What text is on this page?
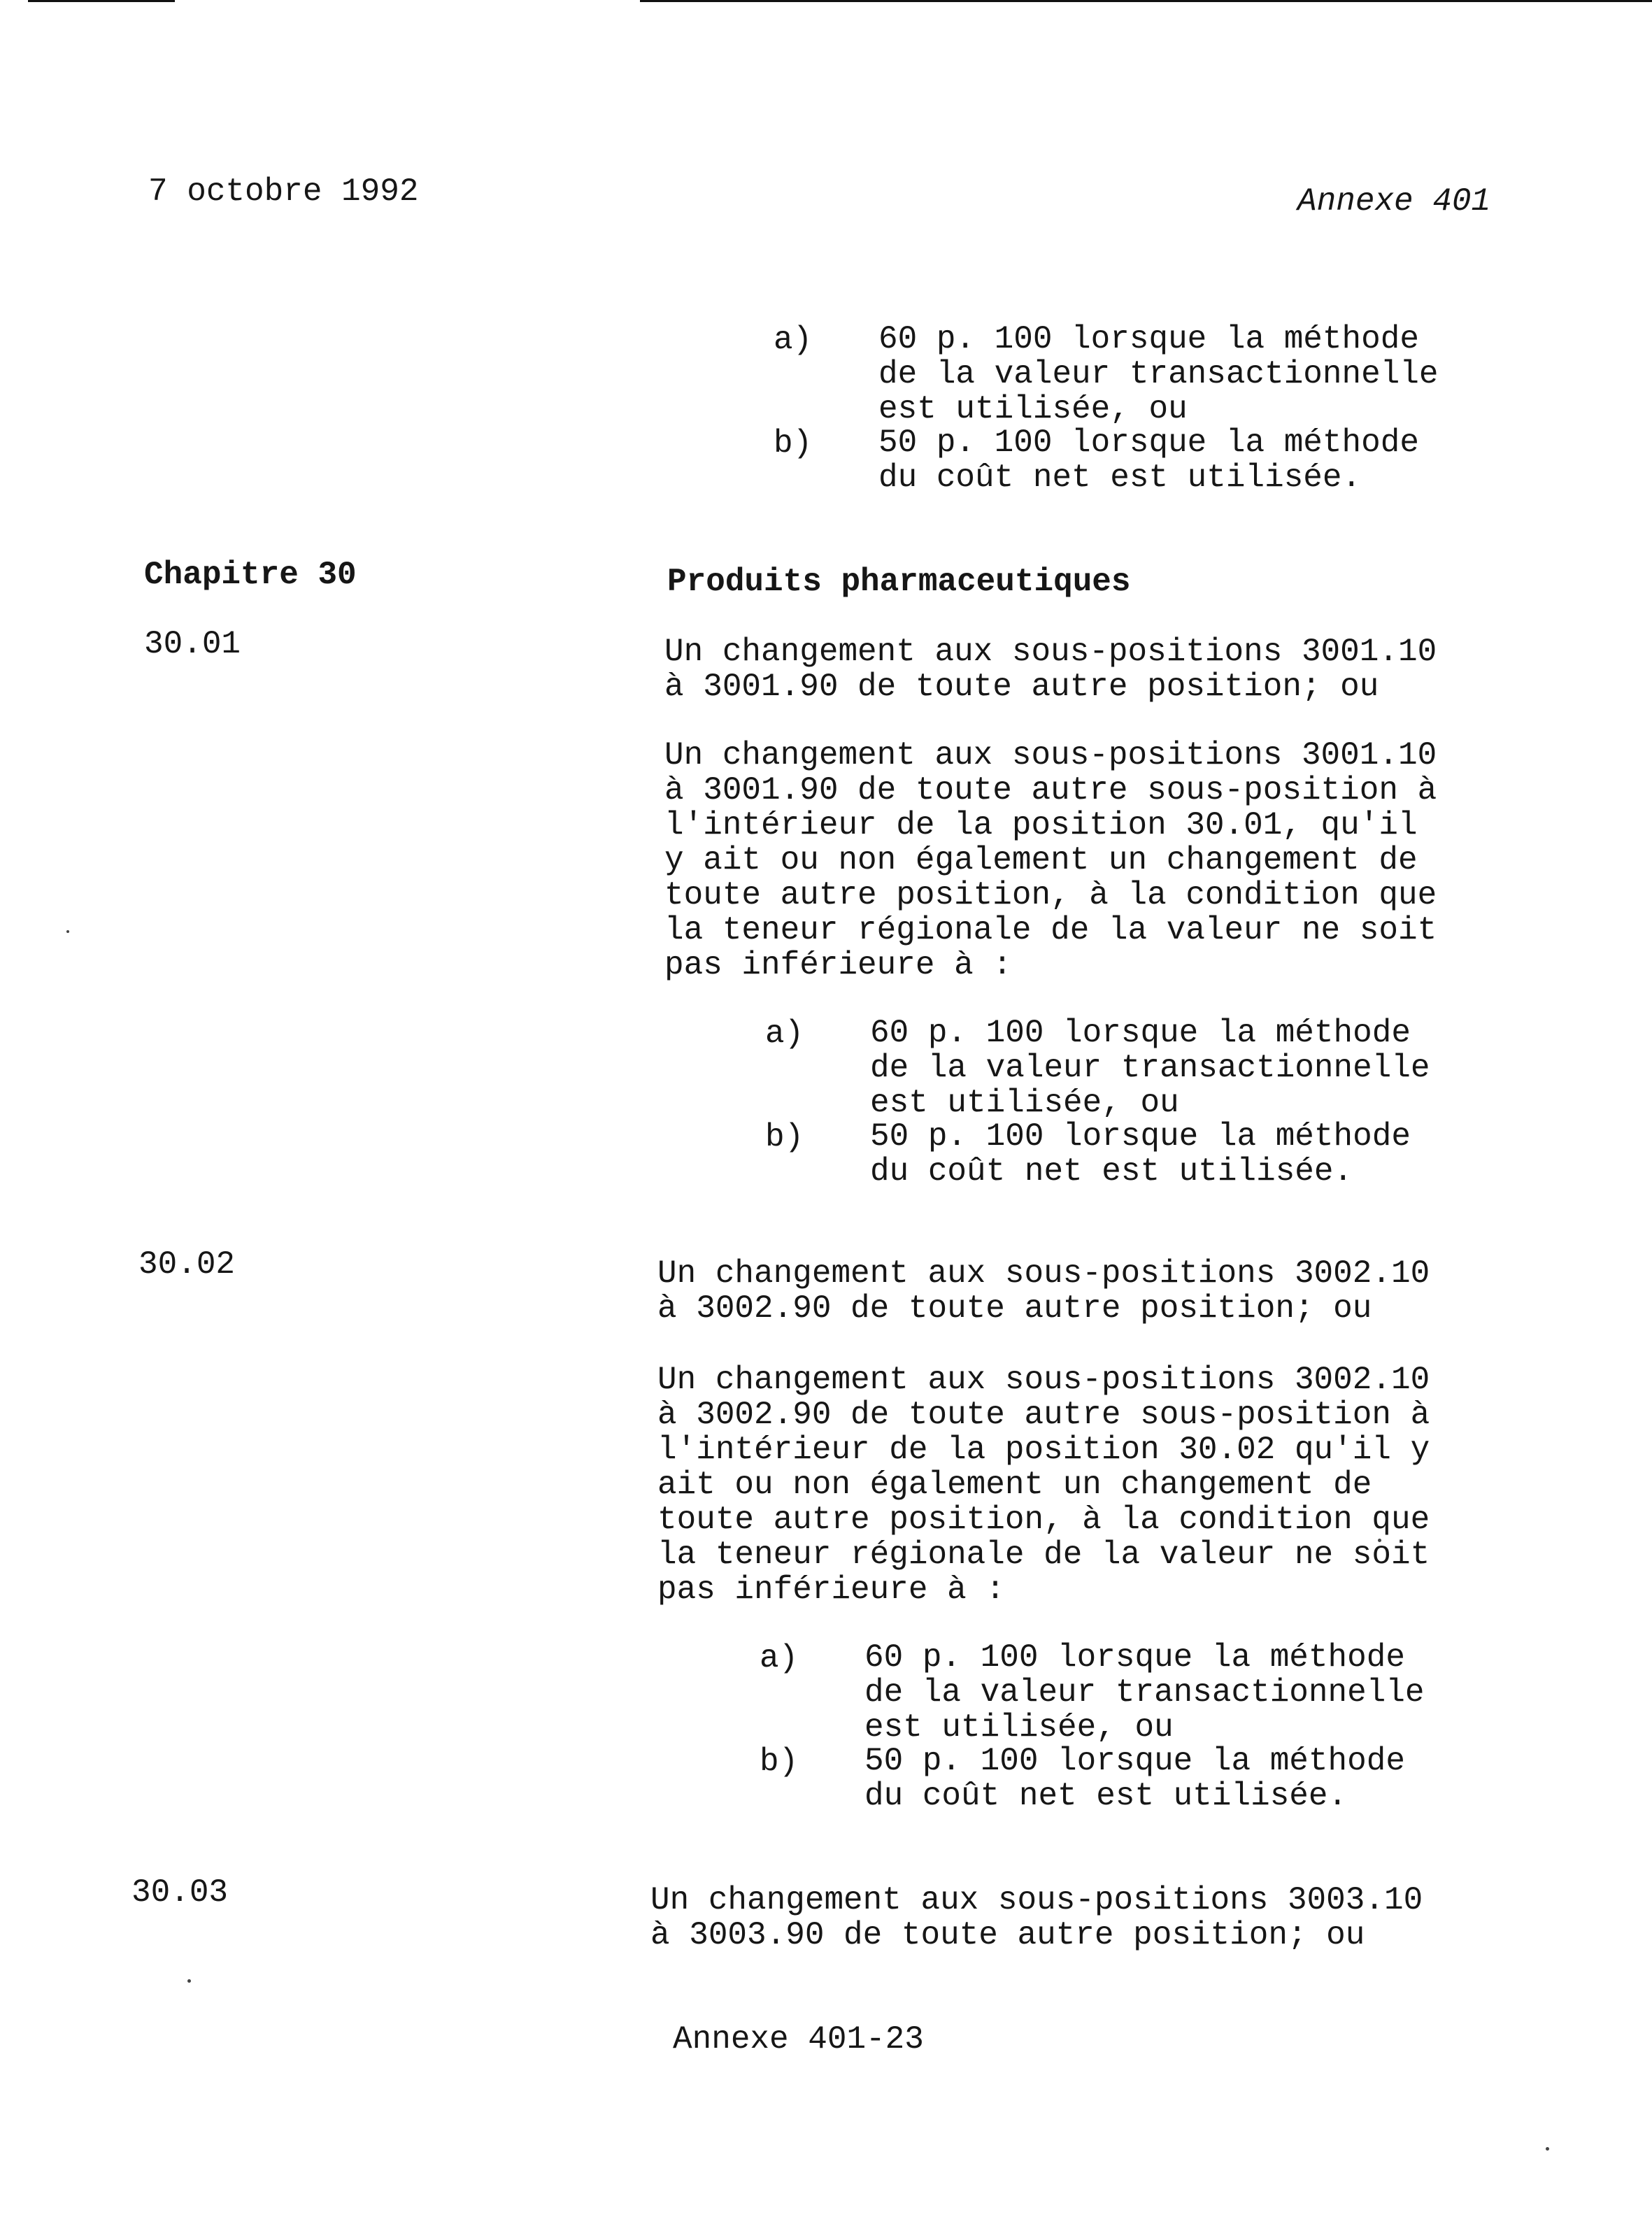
7 octobre 1992	Annexe 401
a) 60 p. 100 lorsque la méthode
de la valeur transactionnelle
est utilisée, ou
b) 50 p. 100 lorsque la méthode
du coût net est utilisée.
Chapitre 30	Produits pharmaceutiques
30.01	Un changement aux sous-positions 3001.10
à 3001.90 de toute autre position; ou
Un changement aux sous-positions 3001.10
à 3001.90 de toute autre sous-position à
l'intérieur de la position 30.01, qu'il
y ait ou non également un changement de
toute autre position, à la condition que
la teneur régionale de la valeur ne soit
pas inférieure à :
a) 60 p. 100 lorsque la méthode
de la valeur transactionnelle
est utilisée, ou
b) 50 p. 100 lorsque la méthode
du coût net est utilisée.
30.02	Un changement aux sous-positions 3002.10
à 3002.90 de toute autre position; ou
Un changement aux sous-positions 3002.10
à 3002.90 de toute autre sous-position à
l'intérieur de la position 30.02 qu'il y
ait ou non également un changement de
toute autre position, à la condition que
la teneur régionale de la valeur ne soit
pas inférieure à :
a) 60 p. 100 lorsque la méthode
de la valeur transactionnelle
est utilisée, ou
b) 50 p. 100 lorsque la méthode
du coût net est utilisée.
30.03	Un changement aux sous-positions 3003.10
à 3003.90 de toute autre position; ou
Annexe 401-23
